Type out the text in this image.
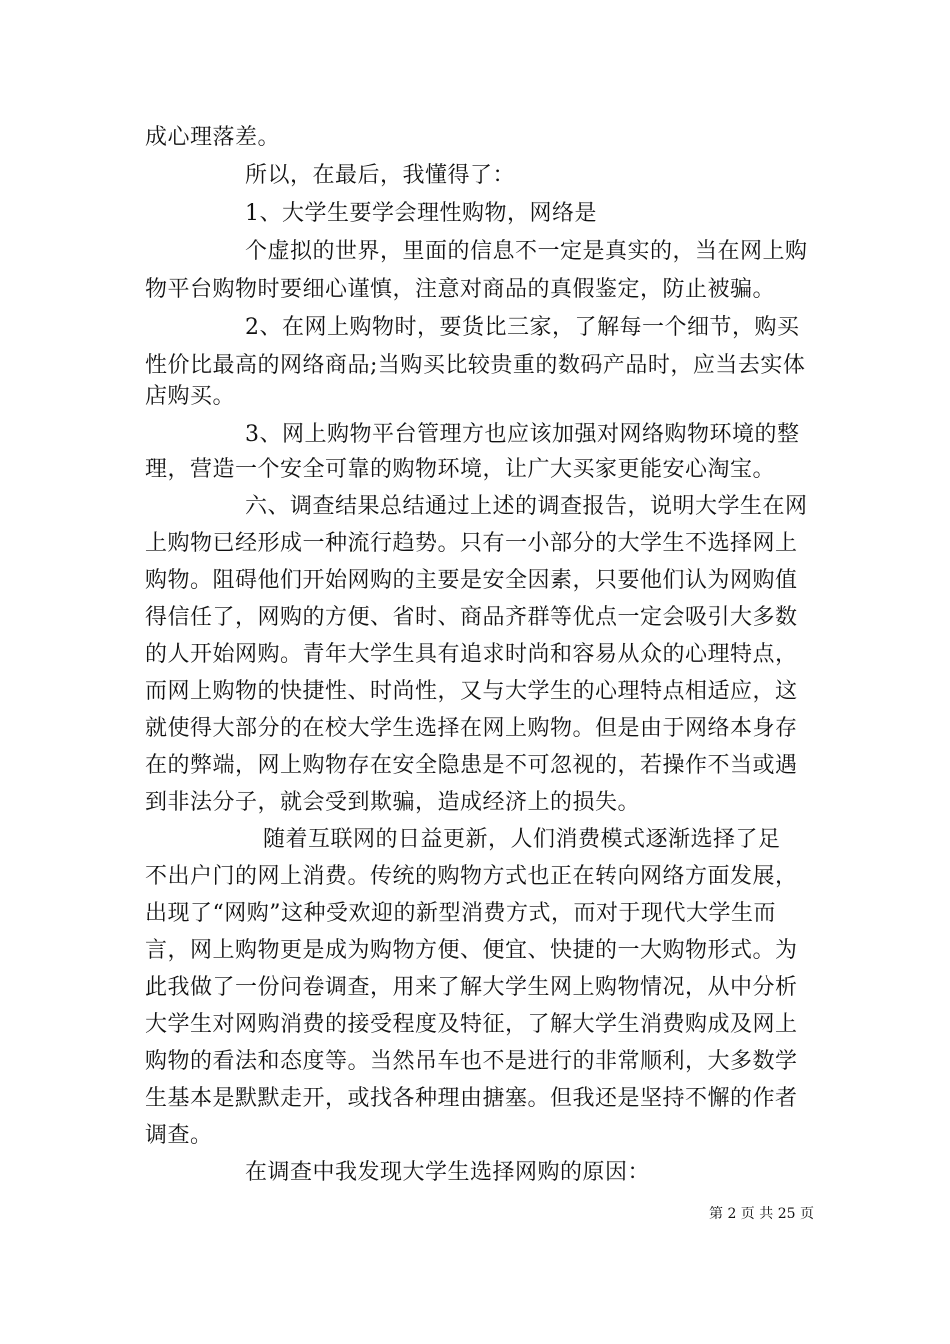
成心理落差。
所以，在最后，我懂得了：
1、大学生要学会理性购物，网络是
个虚拟的世界，里面的信息不一定是真实的，当在网上购
物平台购物时要细心谨慎，注意对商品的真假鉴定，防止被骗。
2、在网上购物时，要货比三家，了解每一个细节，购买
性价比最高的网络商品;当购买比较贵重的数码产品时，应当去实体
店购买。
3、网上购物平台管理方也应该加强对网络购物环境的整
理，营造一个安全可靠的购物环境，让广大买家更能安心淘宝。
六、调查结果总结通过上述的调查报告，说明大学生在网
上购物已经形成一种流行趋势。只有一小部分的大学生不选择网上
购物。阻碍他们开始网购的主要是安全因素，只要他们认为网购值
得信任了，网购的方便、省时、商品齐群等优点一定会吸引大多数
的人开始网购。青年大学生具有追求时尚和容易从众的心理特点，
而网上购物的快捷性、时尚性，又与大学生的心理特点相适应，这
就使得大部分的在校大学生选择在网上购物。但是由于网络本身存
在的弊端，网上购物存在安全隐患是不可忽视的，若操作不当或遇
到非法分子，就会受到欺骗，造成经济上的损失。
随着互联网的日益更新，人们消费模式逐渐选择了足
不出户门的网上消费。传统的购物方式也正在转向网络方面发展，
出现了“网购”这种受欢迎的新型消费方式，而对于现代大学生而
言，网上购物更是成为购物方便、便宜、快捷的一大购物形式。为
此我做了一份问卷调查，用来了解大学生网上购物情况，从中分析
大学生对网购消费的接受程度及特征，了解大学生消费购成及网上
购物的看法和态度等。当然吊车也不是进行的非常顺利，大多数学
生基本是默默走开，或找各种理由搪塞。但我还是坚持不懈的作者
调查。
在调查中我发现大学生选择网购的原因：
第 2 页 共 25 页
